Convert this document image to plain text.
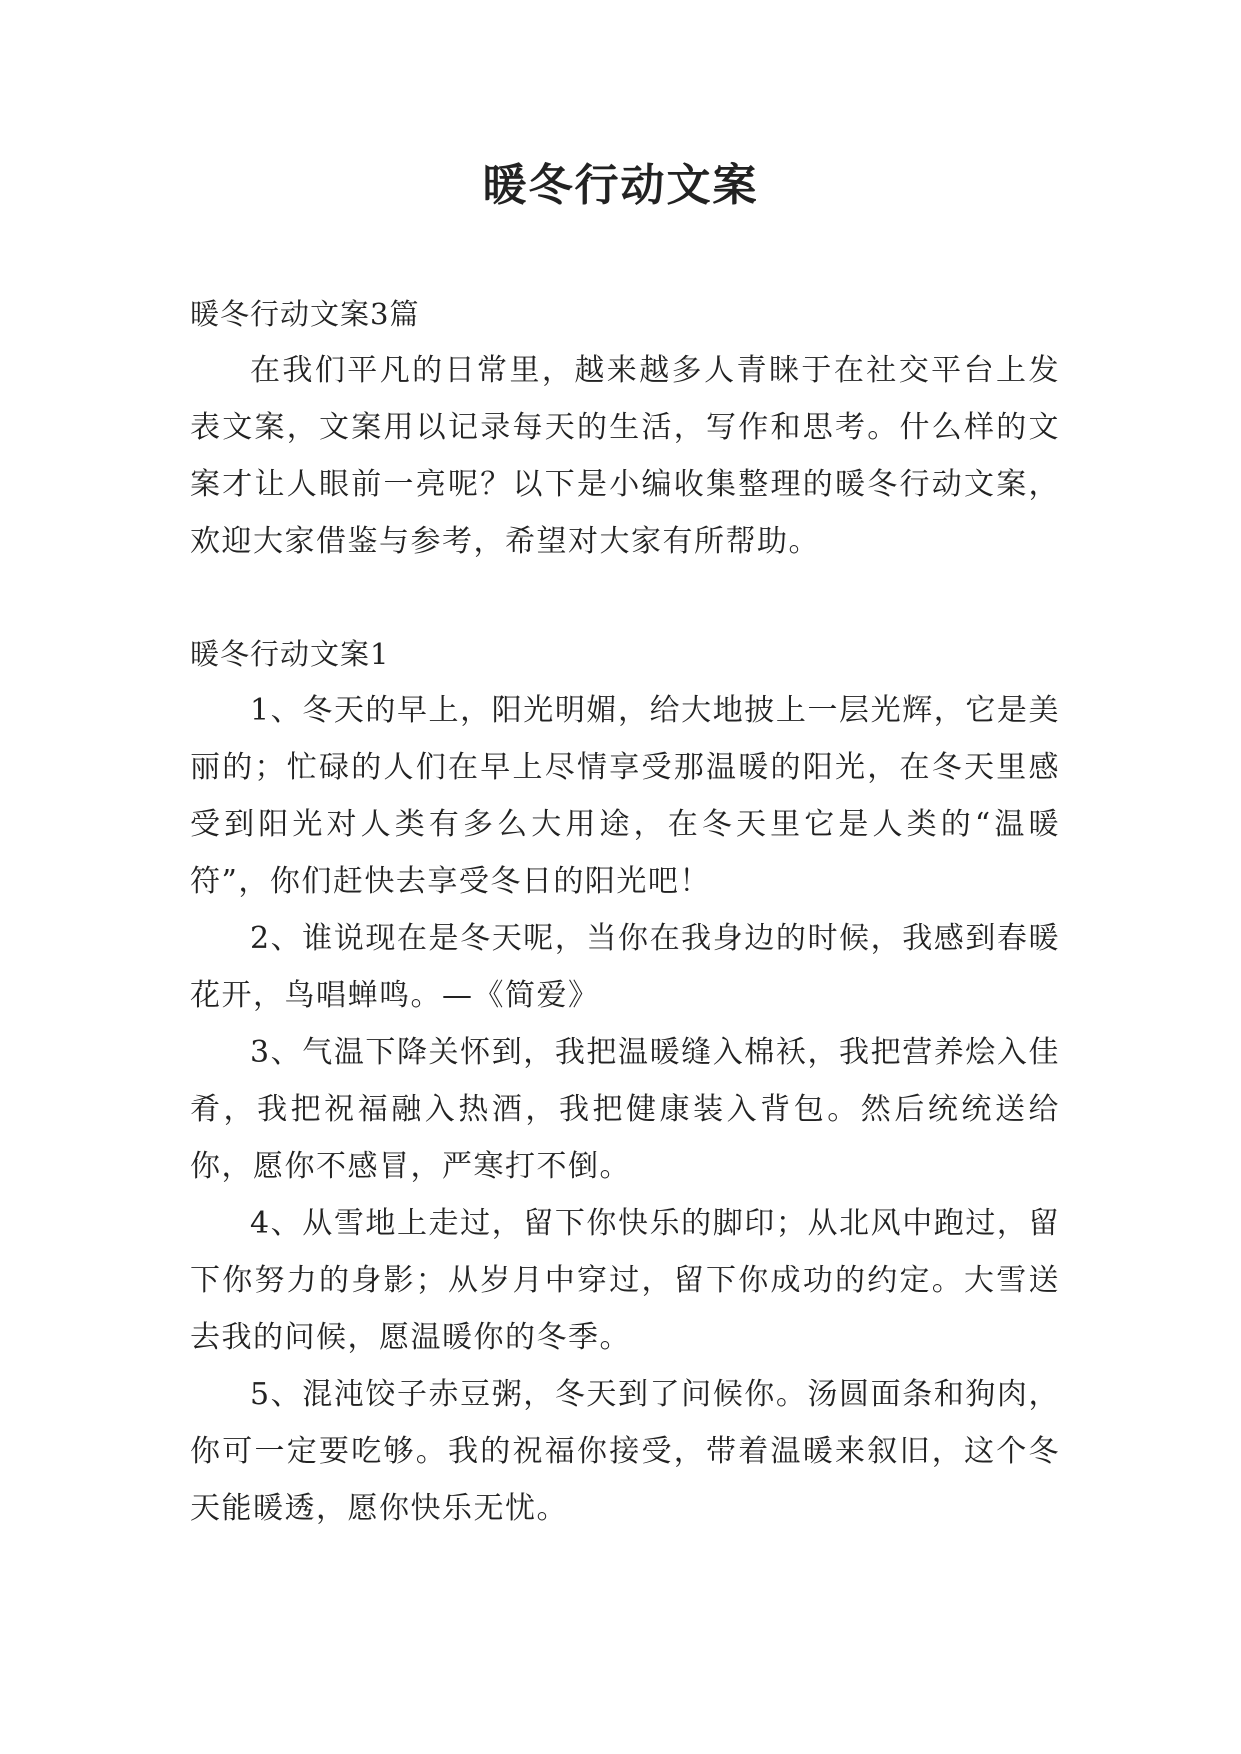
暖冬行动文案

暖冬行动文案3篇

在我们平凡的日常里，越来越多人青睐于在社交平台上发表文案，文案用以记录每天的生活，写作和思考。什么样的文案才让人眼前一亮呢？以下是小编收集整理的暖冬行动文案，欢迎大家借鉴与参考，希望对大家有所帮助。

暖冬行动文案1

1、冬天的早上，阳光明媚，给大地披上一层光辉，它是美丽的；忙碌的人们在早上尽情享受那温暖的阳光，在冬天里感受到阳光对人类有多么大用途，在冬天里它是人类的“温暖符”，你们赶快去享受冬日的阳光吧！

2、谁说现在是冬天呢，当你在我身边的时候，我感到春暖花开，鸟唱蝉鸣。—《简爱》

3、气温下降关怀到，我把温暖缝入棉袄，我把营养烩入佳肴，我把祝福融入热酒，我把健康装入背包。然后统统送给你，愿你不感冒，严寒打不倒。

4、从雪地上走过，留下你快乐的脚印；从北风中跑过，留下你努力的身影；从岁月中穿过，留下你成功的约定。大雪送去我的问候，愿温暖你的冬季。

5、混沌饺子赤豆粥，冬天到了问候你。汤圆面条和狗肉，你可一定要吃够。我的祝福你接受，带着温暖来叙旧，这个冬天能暖透，愿你快乐无忧。
